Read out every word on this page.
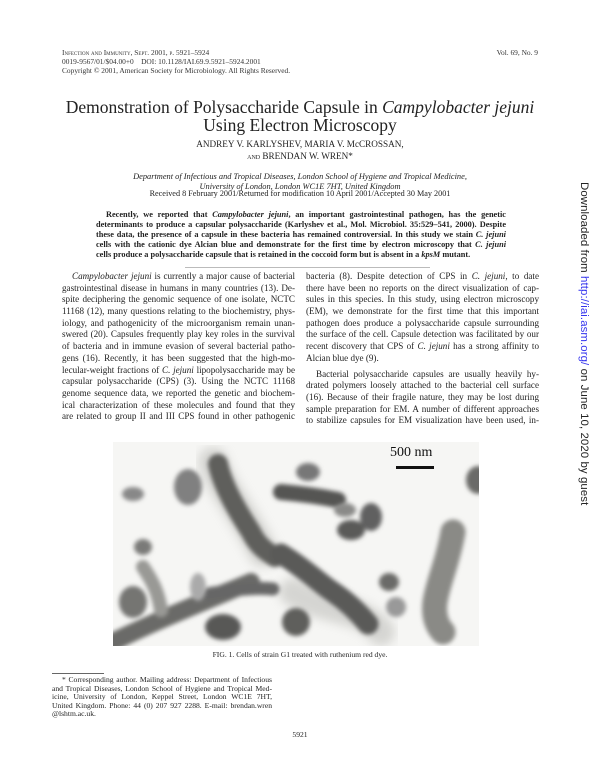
Infection and Immunity, Sept. 2001, p. 5921–5924
0019-9567/01/$04.00+0    DOI: 10.1128/IAI.69.9.5921–5924.2001
Copyright © 2001, American Society for Microbiology. All Rights Reserved.
Vol. 69, No. 9
Demonstration of Polysaccharide Capsule in Campylobacter jejuni
Using Electron Microscopy
ANDREY V. KARLYSHEV, MARIA V. McCROSSAN,
and BRENDAN W. WREN*
Department of Infectious and Tropical Diseases, London School of Hygiene and Tropical Medicine,
University of London, London WC1E 7HT, United Kingdom
Received 8 February 2001/Returned for modification 10 April 2001/Accepted 30 May 2001
Recently, we reported that Campylobacter jejuni, an important gastrointestinal pathogen, has the genetic
determinants to produce a capsular polysaccharide (Karlyshev et al., Mol. Microbiol. 35:529–541, 2000). Despite
these data, the presence of a capsule in these bacteria has remained controversial. In this study we stain C. jejuni
cells with the cationic dye Alcian blue and demonstrate for the first time by electron microscopy that C. jejuni
cells produce a polysaccharide capsule that is retained in the coccoid form but is absent in a kpsM mutant.
Campylobacter jejuni is currently a major cause of bacterial
gastrointestinal disease in humans in many countries (13). De-
spite deciphering the genomic sequence of one isolate, NCTC
11168 (12), many questions relating to the biochemistry, phys-
iology, and pathogenicity of the microorganism remain unan-
swered (20). Capsules frequently play key roles in the survival
of bacteria and in immune evasion of several bacterial patho-
gens (16). Recently, it has been suggested that the high-mo-
lecular-weight fractions of C. jejuni lipopolysaccharide may be
capsular polysaccharide (CPS) (3). Using the NCTC 11168
genome sequence data, we reported the genetic and biochem-
ical characterization of these molecules and found that they
are related to group II and III CPS found in other pathogenic
bacteria (8). Despite detection of CPS in C. jejuni, to date
there have been no reports on the direct visualization of cap-
sules in this species. In this study, using electron microscopy
(EM), we demonstrate for the first time that this important
pathogen does produce a polysaccharide capsule surrounding
the surface of the cell. Capsule detection was facilitated by our
recent discovery that CPS of C. jejuni has a strong affinity to
Alcian blue dye (9).
Bacterial polysaccharide capsules are usually heavily hy-
drated polymers loosely attached to the bacterial cell surface
(16). Because of their fragile nature, they may be lost during
sample preparation for EM. A number of different approaches
to stabilize capsules for EM visualization have been used, in-
500 nm
FIG. 1. Cells of strain G1 treated with ruthenium red dye.
* Corresponding author. Mailing address: Department of Infectious
and Tropical Diseases, London School of Hygiene and Tropical Med-
icine, University of London, Keppel Street, London WC1E 7HT,
United Kingdom. Phone: 44 (0) 207 927 2288. E-mail: brendan.wren
@lshtm.ac.uk.
5921
Downloaded from http://iai.asm.org/ on June 10, 2020 by guest
